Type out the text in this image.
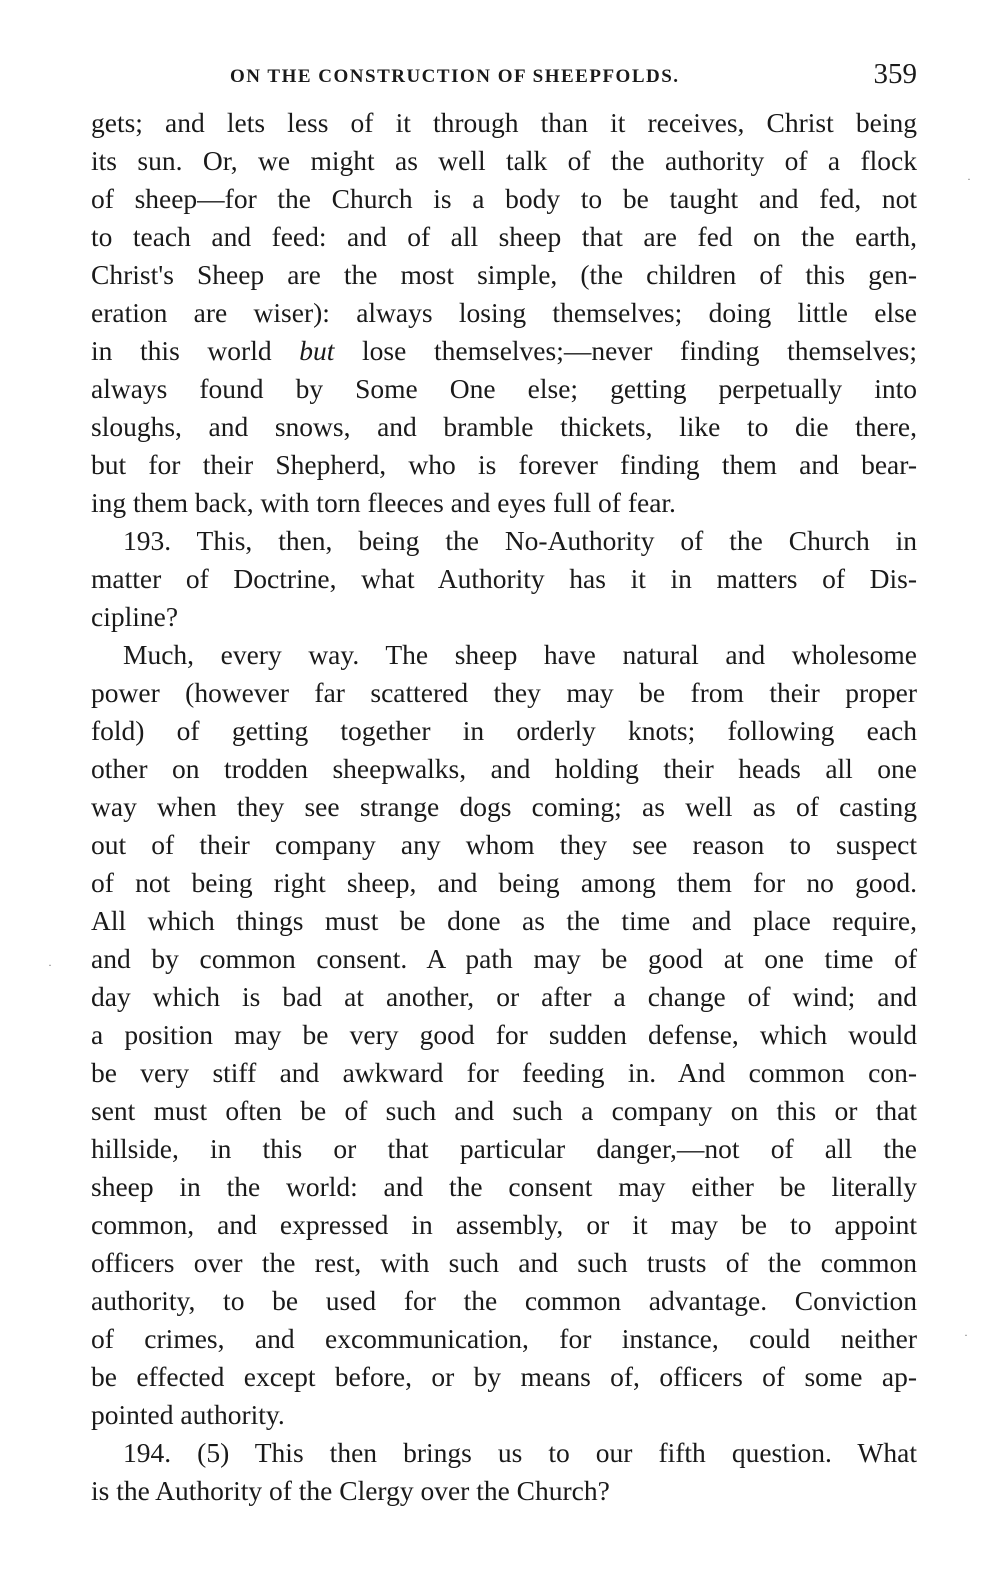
ON THE CONSTRUCTION OF SHEEPFOLDS.	359
gets; and lets less of it through than it receives, Christ being
its sun. Or, we might as well talk of the authority of a flock
of sheep—for the Church is a body to be taught and fed, not
to teach and feed: and of all sheep that are fed on the earth,
Christ's Sheep are the most simple, (the children of this gen-
eration are wiser): always losing themselves; doing little else
in this world but lose themselves;—never finding themselves;
always found by Some One else; getting perpetually into
sloughs, and snows, and bramble thickets, like to die there,
but for their Shepherd, who is forever finding them and bear-
ing them back, with torn fleeces and eyes full of fear.
193. This, then, being the No-Authority of the Church in
matter of Doctrine, what Authority has it in matters of Dis-
cipline?
Much, every way. The sheep have natural and wholesome
power (however far scattered they may be from their proper
fold) of getting together in orderly knots; following each
other on trodden sheepwalks, and holding their heads all one
way when they see strange dogs coming; as well as of casting
out of their company any whom they see reason to suspect
of not being right sheep, and being among them for no good.
All which things must be done as the time and place require,
and by common consent. A path may be good at one time of
day which is bad at another, or after a change of wind; and
a position may be very good for sudden defense, which would
be very stiff and awkward for feeding in. And common con-
sent must often be of such and such a company on this or that
hillside, in this or that particular danger,—not of all the
sheep in the world: and the consent may either be literally
common, and expressed in assembly, or it may be to appoint
officers over the rest, with such and such trusts of the common
authority, to be used for the common advantage. Conviction
of crimes, and excommunication, for instance, could neither
be effected except before, or by means of, officers of some ap-
pointed authority.
194. (5) This then brings us to our fifth question. What
is the Authority of the Clergy over the Church?
·
·
·
